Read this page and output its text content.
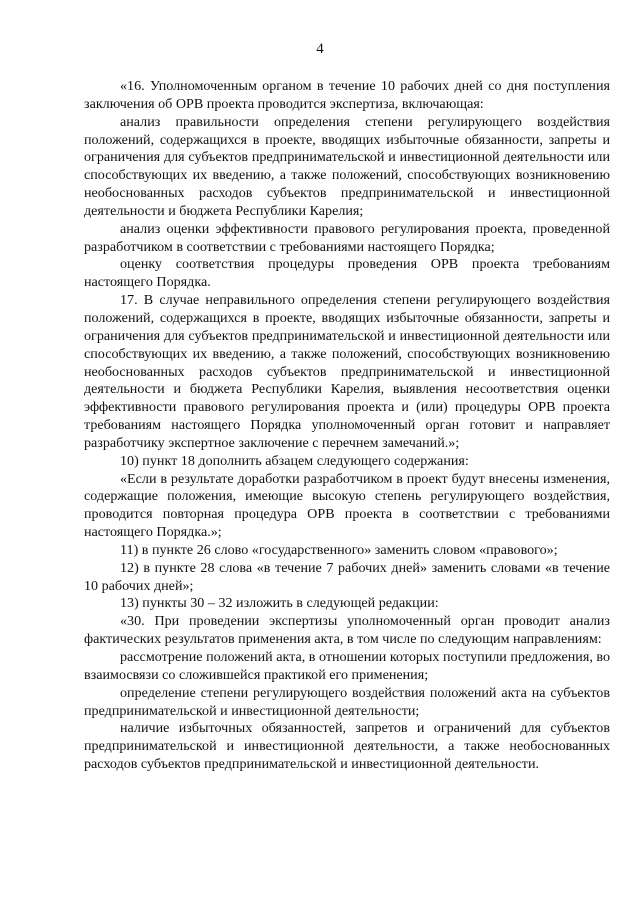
4

«16. Уполномоченным органом в течение 10 рабочих дней со дня поступления заключения об ОРВ проекта проводится экспертиза, включающая:

анализ правильности определения степени регулирующего воздействия положений, содержащихся в проекте, вводящих избыточные обязанности, запреты и ограничения для субъектов предпринимательской и инвестиционной деятельности или способствующих их введению, а также положений, способствующих возникновению необоснованных расходов субъектов предпринимательской и инвестиционной деятельности и бюджета Республики Карелия;

анализ оценки эффективности правового регулирования проекта, проведенной разработчиком в соответствии с требованиями настоящего Порядка;

оценку соответствия процедуры проведения ОРВ проекта требованиям настоящего Порядка.

17. В случае неправильного определения степени регулирующего воздействия положений, содержащихся в проекте, вводящих избыточные обязанности, запреты и ограничения для субъектов предпринимательской и инвестиционной деятельности или способствующих их введению, а также положений, способствующих возникновению необоснованных расходов субъектов предпринимательской и инвестиционной деятельности и бюджета Республики Карелия, выявления несоответствия оценки эффективности правового регулирования проекта и (или) процедуры ОРВ проекта требованиям настоящего Порядка уполномоченный орган готовит и направляет разработчику экспертное заключение с перечнем замечаний.»;

10) пункт 18 дополнить абзацем следующего содержания:

«Если в результате доработки разработчиком в проект будут внесены изменения, содержащие положения, имеющие высокую степень регулирующего воздействия, проводится повторная процедура ОРВ проекта в соответствии с требованиями настоящего Порядка.»;

11) в пункте 26 слово «государственного» заменить словом «правового»;

12) в пункте 28 слова «в течение 7 рабочих дней» заменить словами «в течение 10 рабочих дней»;

13) пункты 30 – 32 изложить в следующей редакции:

«30. При проведении экспертизы уполномоченный орган проводит анализ фактических результатов применения акта, в том числе по следующим направлениям:

рассмотрение положений акта, в отношении которых поступили предложения, во взаимосвязи со сложившейся практикой его применения;

определение степени регулирующего воздействия положений акта на субъектов предпринимательской и инвестиционной деятельности;

наличие избыточных обязанностей, запретов и ограничений для субъектов предпринимательской и инвестиционной деятельности, а также необоснованных расходов субъектов предпринимательской и инвестиционной деятельности.
